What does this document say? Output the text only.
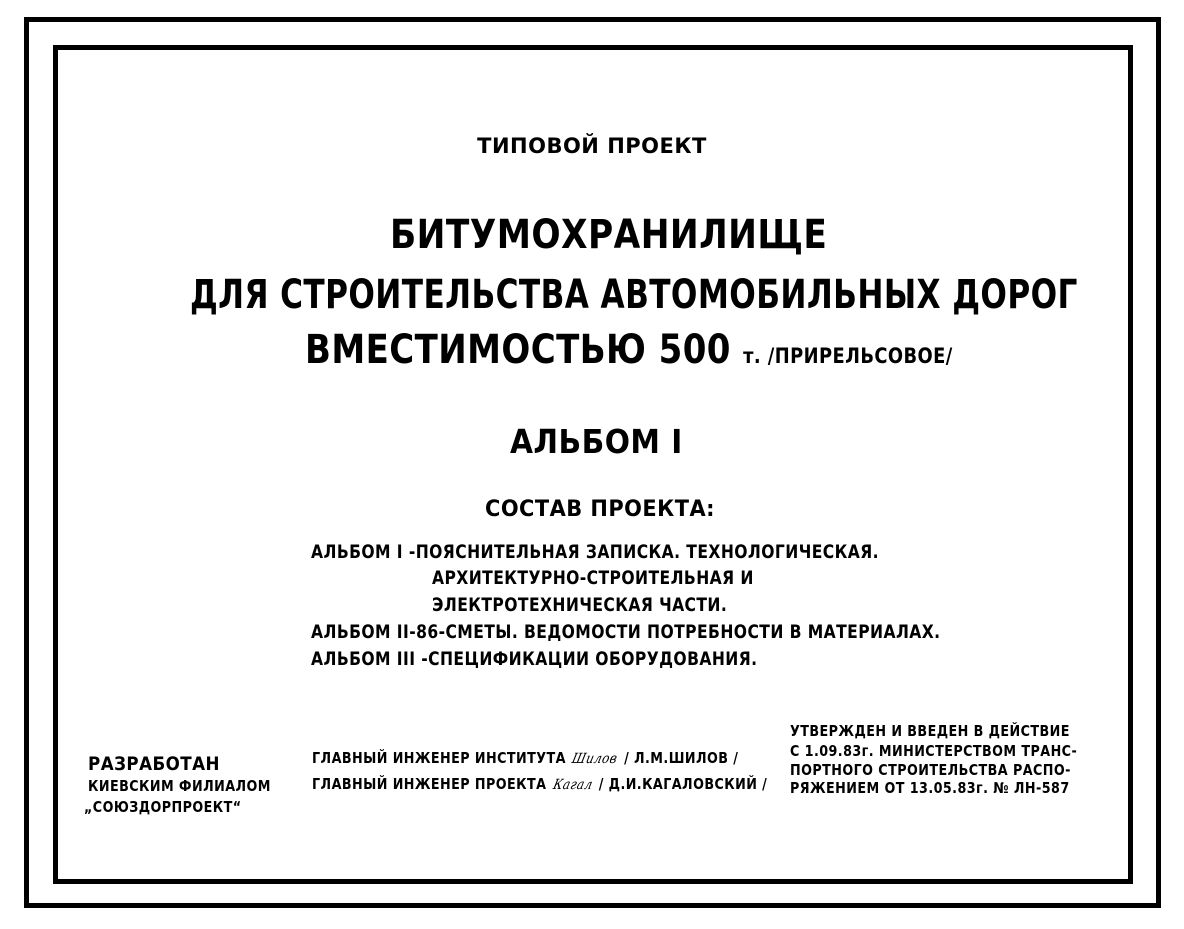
ТИПОВОЙ ПРОЕКТ
БИТУМОХРАНИЛИЩЕ
ДЛЯ СТРОИТЕЛЬСТВА АВТОМОБИЛЬНЫХ ДОРОГ
ВМЕСТИМОСТЬЮ 500 т. /ПРИРЕЛЬСОВОЕ/
АЛЬБОМ I
СОСТАВ ПРОЕКТА:
АЛЬБОМ I -ПОЯСНИТЕЛЬНАЯ ЗАПИСКА. ТЕХНОЛОГИЧЕСКАЯ.
АРХИТЕКТУРНО-СТРОИТЕЛЬНАЯ И
ЭЛЕКТРОТЕХНИЧЕСКАЯ ЧАСТИ.
АЛЬБОМ II-86-СМЕТЫ. ВЕДОМОСТИ ПОТРЕБНОСТИ В МАТЕРИАЛАХ.
АЛЬБОМ III -СПЕЦИФИКАЦИИ ОБОРУДОВАНИЯ.
РАЗРАБОТАН
КИЕВСКИМ ФИЛИАЛОМ
„СОЮЗДОРПРОЕКТ“
ГЛАВНЫЙ ИНЖЕНЕР ИНСТИТУТА Шилов / Л.М.ШИЛОВ /
ГЛАВНЫЙ ИНЖЕНЕР ПРОЕКТА Кагал / Д.И.КАГАЛОВСКИЙ /
УТВЕРЖДЕН И ВВЕДЕН В ДЕЙСТВИЕ
С 1.09.83г. МИНИСТЕРСТВОМ ТРАНС-
ПОРТНОГО СТРОИТЕЛЬСТВА РАСПО-
РЯЖЕНИЕМ ОТ 13.05.83г. № ЛН-587
